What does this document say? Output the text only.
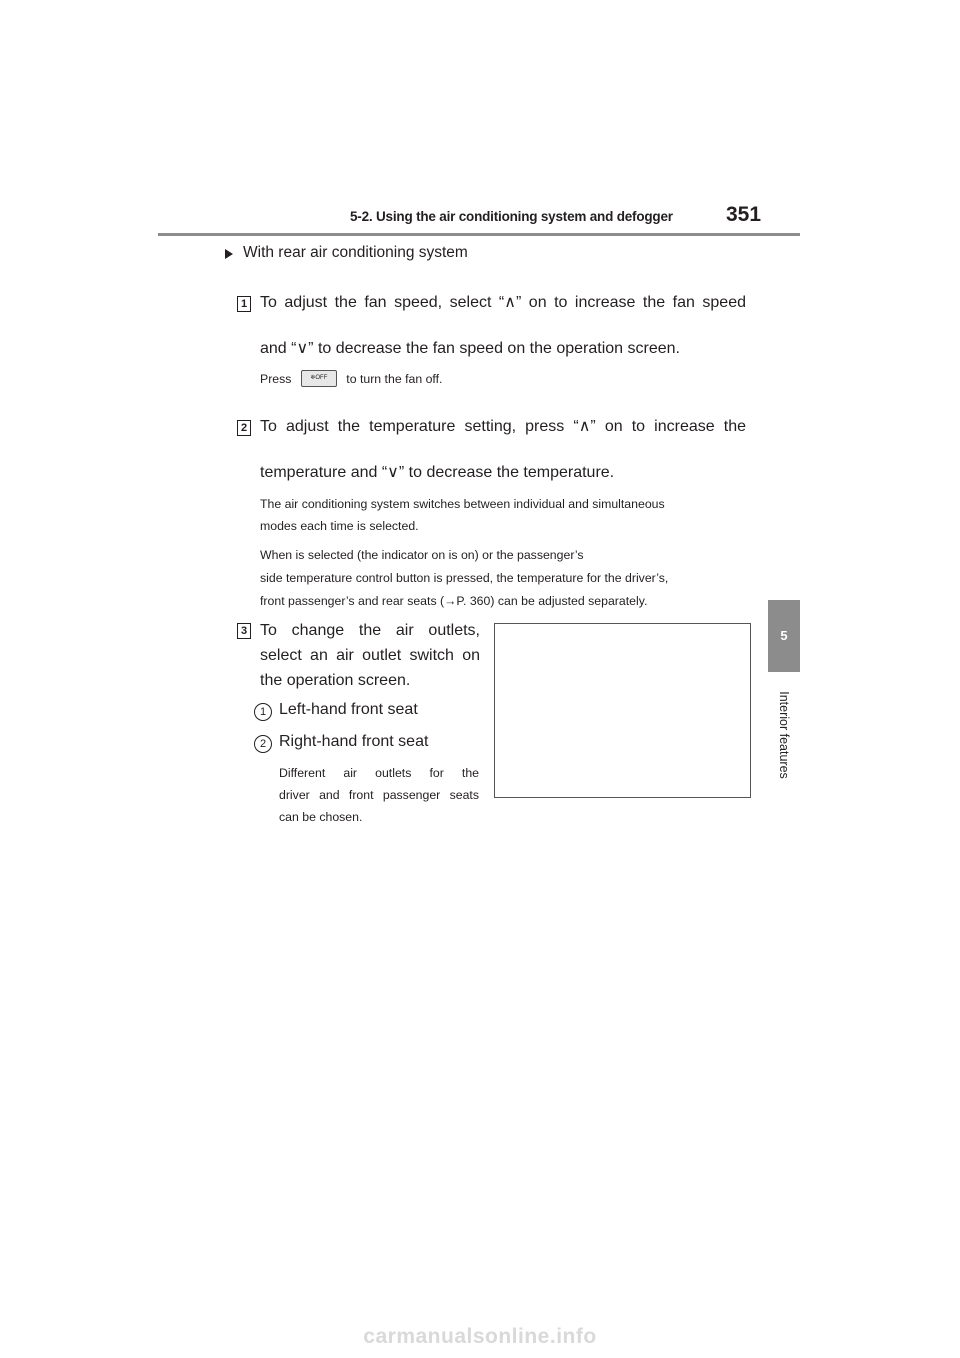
5-2. Using the air conditioning system and defogger	351
5
Interior features
With rear air conditioning system
1 To adjust the fan speed, select “∧” on to increase the fan speed
and “∨” to decrease the fan speed on the operation screen.
Press	❄OFF to turn the fan off.
2 To adjust the temperature setting, press “∧” on to increase the
temperature and “∨” to decrease the temperature.
The air conditioning system switches between individual and simultaneous
modes each time is selected.
When is selected (the indicator on is on) or the passenger’s
side temperature control button is pressed, the temperature for the driver’s,
front passenger’s and rear seats (→P. 360) can be adjusted separately.
3 To change the air outlets,
select an air outlet switch on
the operation screen.
1 Left-hand front seat
2 Right-hand front seat
Different air outlets for the
driver and front passenger seats
can be chosen.
carmanualsonline.info
